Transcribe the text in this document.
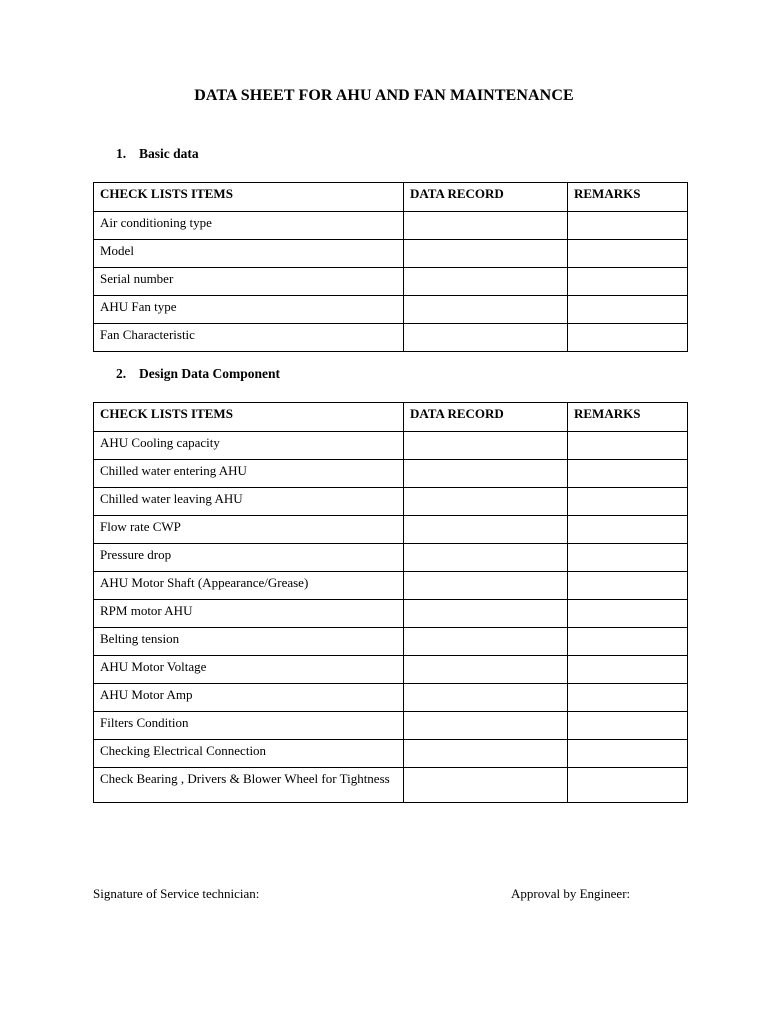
DATA SHEET FOR AHU AND FAN MAINTENANCE
1. Basic data
CHECK LISTS ITEMS	DATA RECORD	REMARKS
Air conditioning type		
Model		
Serial number		
AHU Fan type		
Fan Characteristic		
2. Design Data Component
CHECK LISTS ITEMS	DATA RECORD	REMARKS
AHU Cooling capacity		
Chilled water entering AHU		
Chilled water leaving AHU		
Flow rate CWP		
Pressure drop		
AHU Motor Shaft (Appearance/Grease)		
RPM motor AHU		
Belting tension		
AHU Motor Voltage		
AHU Motor Amp		
Filters Condition		
Checking Electrical Connection		
Check Bearing , Drivers & Blower Wheel for Tightness		
Signature of Service technician:	Approval by Engineer:
